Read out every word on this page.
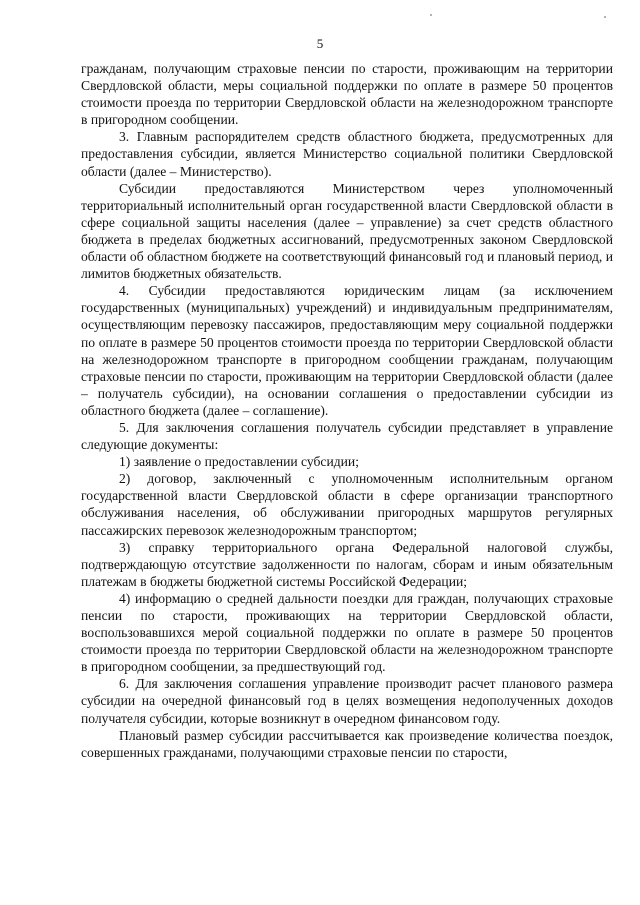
5

гражданам, получающим страховые пенсии по старости, проживающим на территории Свердловской области, меры социальной поддержки по оплате в размере 50 процентов стоимости проезда по территории Свердловской области на железнодорожном транспорте в пригородном сообщении.

3. Главным распорядителем средств областного бюджета, предусмотренных для предоставления субсидии, является Министерство социальной политики Свердловской области (далее – Министерство).

Субсидии предоставляются Министерством через уполномоченный территориальный исполнительный орган государственной власти Свердловской области в сфере социальной защиты населения (далее – управление) за счет средств областного бюджета в пределах бюджетных ассигнований, предусмотренных законом Свердловской области об областном бюджете на соответствующий финансовый год и плановый период, и лимитов бюджетных обязательств.

4. Субсидии предоставляются юридическим лицам (за исключением государственных (муниципальных) учреждений) и индивидуальным предпринимателям, осуществляющим перевозку пассажиров, предоставляющим меру социальной поддержки по оплате в размере 50 процентов стоимости проезда по территории Свердловской области на железнодорожном транспорте в пригородном сообщении гражданам, получающим страховые пенсии по старости, проживающим на территории Свердловской области (далее – получатель субсидии), на основании соглашения о предоставлении субсидии из областного бюджета (далее – соглашение).

5. Для заключения соглашения получатель субсидии представляет в управление следующие документы:

1) заявление о предоставлении субсидии;

2) договор, заключенный с уполномоченным исполнительным органом государственной власти Свердловской области в сфере организации транспортного обслуживания населения, об обслуживании пригородных маршрутов регулярных пассажирских перевозок железнодорожным транспортом;

3) справку территориального органа Федеральной налоговой службы, подтверждающую отсутствие задолженности по налогам, сборам и иным обязательным платежам в бюджеты бюджетной системы Российской Федерации;

4) информацию о средней дальности поездки для граждан, получающих страховые пенсии по старости, проживающих на территории Свердловской области, воспользовавшихся мерой социальной поддержки по оплате в размере 50 процентов стоимости проезда по территории Свердловской области на железнодорожном транспорте в пригородном сообщении, за предшествующий год.

6. Для заключения соглашения управление производит расчет планового размера субсидии на очередной финансовый год в целях возмещения недополученных доходов получателя субсидии, которые возникнут в очередном финансовом году.

Плановый размер субсидии рассчитывается как произведение количества поездок, совершенных гражданами, получающими страховые пенсии по старости,
